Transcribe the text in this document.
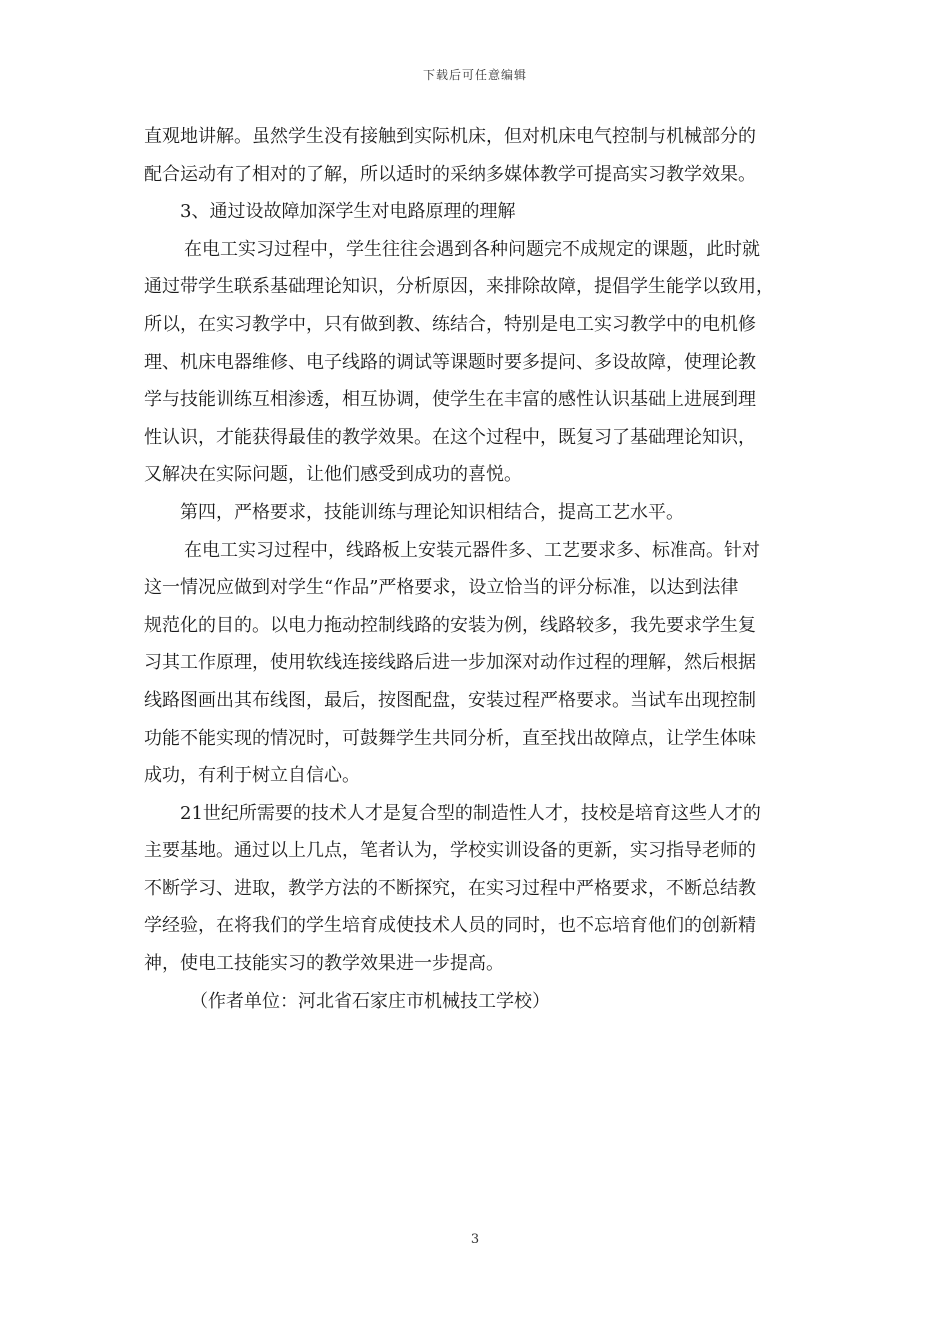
下载后可任意编辑
直观地讲解。虽然学生没有接触到实际机床，但对机床电气控制与机械部分的
配合运动有了相对的了解，所以适时的采纳多媒体教学可提高实习教学效果。
3、通过设故障加深学生对电路原理的理解
在电工实习过程中，学生往往会遇到各种问题完不成规定的课题，此时就
通过带学生联系基础理论知识，分析原因，来排除故障，提倡学生能学以致用，
所以，在实习教学中，只有做到教、练结合，特别是电工实习教学中的电机修
理、机床电器维修、电子线路的调试等课题时要多提问、多设故障，使理论教
学与技能训练互相渗透，相互协调，使学生在丰富的感性认识基础上进展到理
性认识，才能获得最佳的教学效果。在这个过程中，既复习了基础理论知识，
又解决在实际问题，让他们感受到成功的喜悦。
第四，严格要求，技能训练与理论知识相结合，提高工艺水平。
在电工实习过程中，线路板上安装元器件多、工艺要求多、标准高。针对
这一情况应做到对学生“作品”严格要求，设立恰当的评分标准，以达到法律
规范化的目的。以电力拖动控制线路的安装为例，线路较多，我先要求学生复
习其工作原理，使用软线连接线路后进一步加深对动作过程的理解，然后根据
线路图画出其布线图，最后，按图配盘，安装过程严格要求。当试车出现控制
功能不能实现的情况时，可鼓舞学生共同分析，直至找出故障点，让学生体味
成功，有利于树立自信心。
21世纪所需要的技术人才是复合型的制造性人才，技校是培育这些人才的
主要基地。通过以上几点，笔者认为，学校实训设备的更新，实习指导老师的
不断学习、进取，教学方法的不断探究，在实习过程中严格要求，不断总结教
学经验，在将我们的学生培育成使技术人员的同时，也不忘培育他们的创新精
神，使电工技能实习的教学效果进一步提高。
（作者单位：河北省石家庄市机械技工学校）
3
